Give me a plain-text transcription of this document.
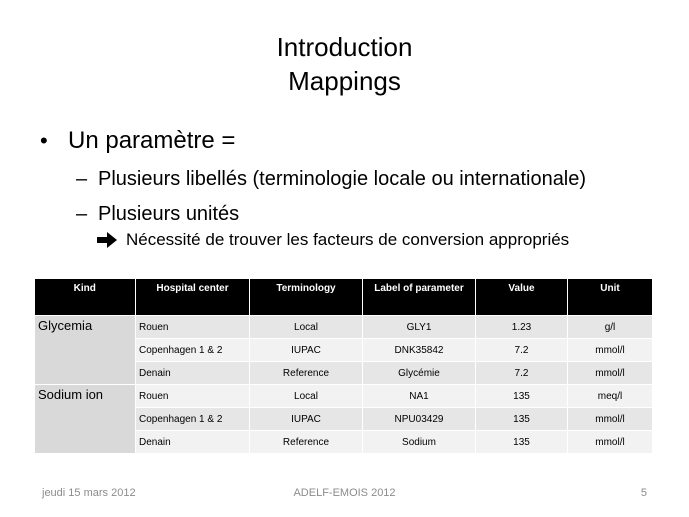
Introduction
Mappings
• Un paramètre =
– Plusieurs libellés (terminologie locale ou internationale)
– Plusieurs unités
Nécessité de trouver les facteurs de conversion appropriés
Kind	Hospital center	Terminology	Label of parameter	Value	Unit
Glycemia	Rouen	Local	GLY1	1.23	g/l
	Copenhagen 1 & 2	IUPAC	DNK35842	7.2	mmol/l
	Denain	Reference	Glycémie	7.2	mmol/l
Sodium ion	Rouen	Local	NA1	135	meq/l
	Copenhagen 1 & 2	IUPAC	NPU03429	135	mmol/l
	Denain	Reference	Sodium	135	mmol/l
jeudi 15 mars 2012	ADELF-EMOIS 2012	5
